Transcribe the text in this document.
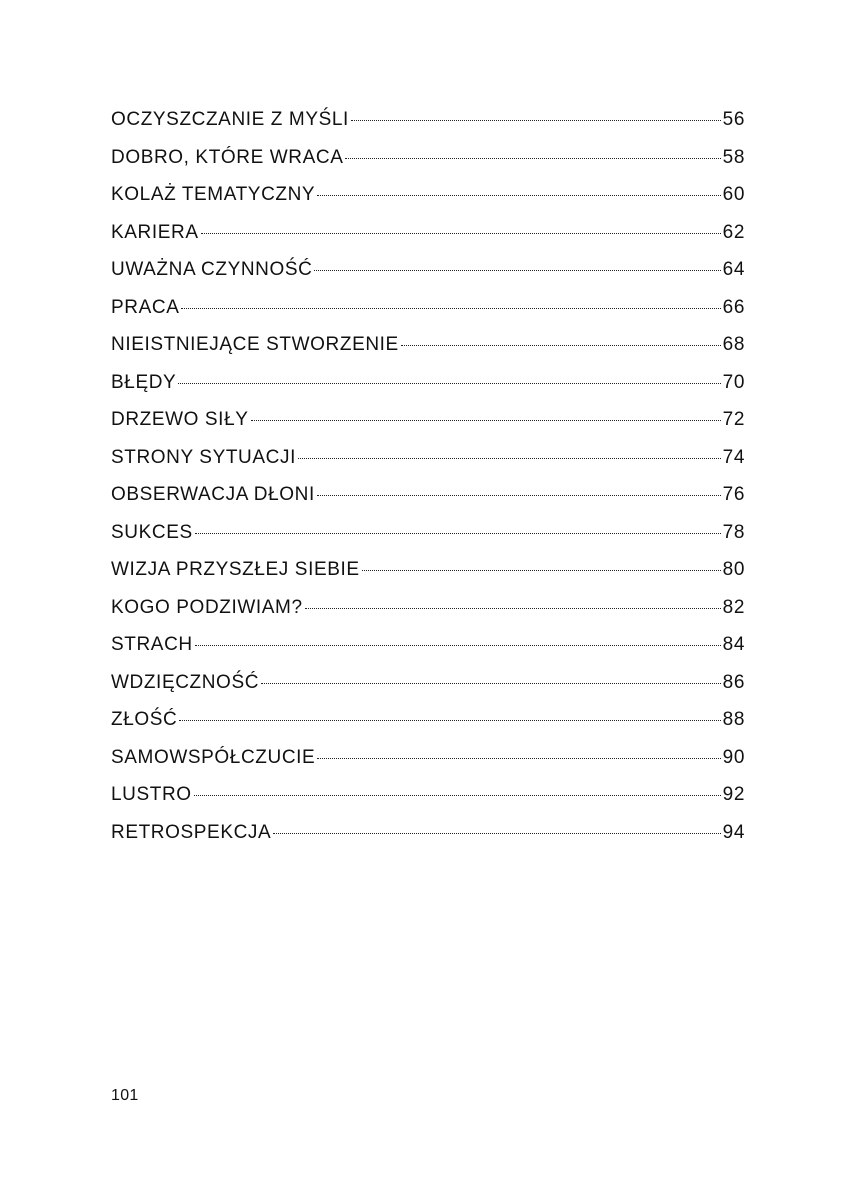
OCZYSZCZANIE Z MYŚLI	56
DOBRO, KTÓRE WRACA	58
KOLAŻ TEMATYCZNY	60
KARIERA	62
UWAŻNA CZYNNOŚĆ	64
PRACA	66
NIEISTNIEJĄCE STWORZENIE	68
BŁĘDY	70
DRZEWO SIŁY	72
STRONY SYTUACJI	74
OBSERWACJA DŁONI	76
SUKCES	78
WIZJA PRZYSZŁEJ SIEBIE	80
KOGO PODZIWIAM?	82
STRACH	84
WDZIĘCZNOŚĆ	86
ZŁOŚĆ	88
SAMOWSPÓŁCZUCIE	90
LUSTRO	92
RETROSPEKCJA	94
101
